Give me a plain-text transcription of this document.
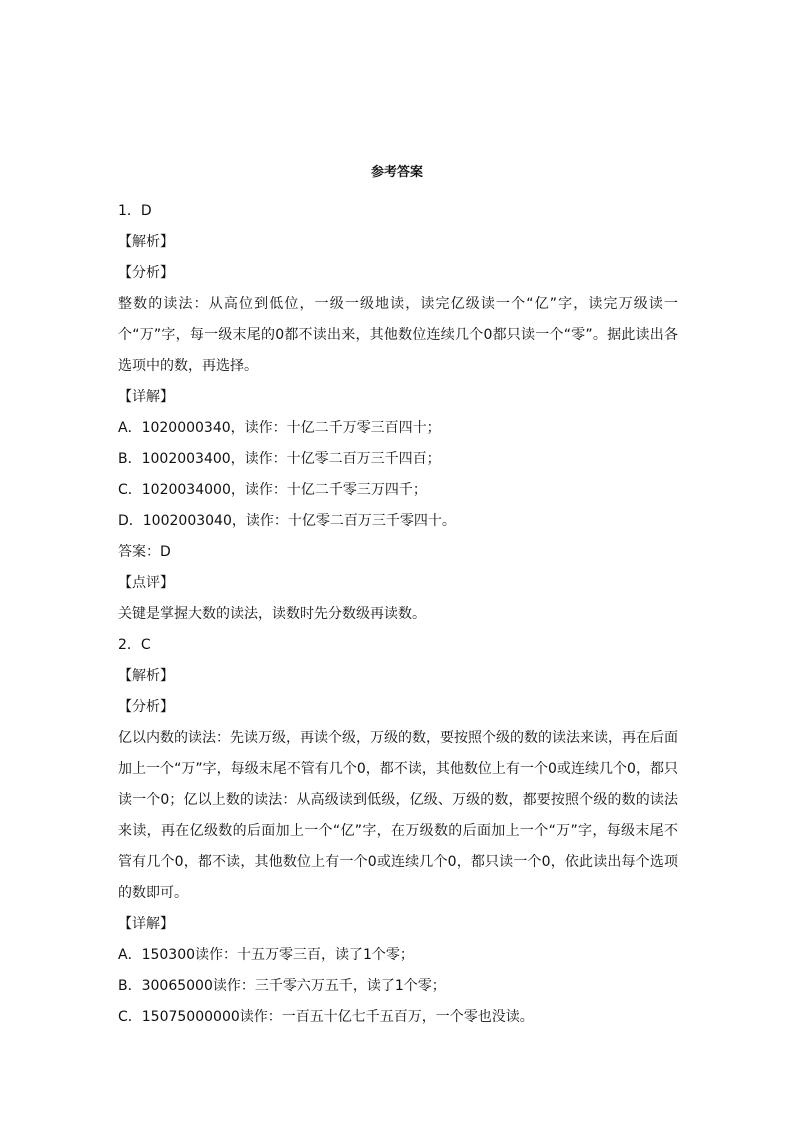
参考答案

1．D

【解析】

【分析】

整数的读法：从高位到低位，一级一级地读，读完亿级读一个“亿”字，读完万级读一个“万”字，每一级末尾的0都不读出来，其他数位连续几个0都只读一个“零”。据此读出各选项中的数，再选择。

【详解】

A．1020000340，读作：十亿二千万零三百四十；

B．1002003400，读作：十亿零二百万三千四百；

C．1020034000，读作：十亿二千零三万四千；

D．1002003040，读作：十亿零二百万三千零四十。

答案：D

【点评】

关键是掌握大数的读法，读数时先分数级再读数。

2．C

【解析】

【分析】

亿以内数的读法：先读万级，再读个级，万级的数，要按照个级的数的读法来读，再在后面加上一个“万”字，每级末尾不管有几个0，都不读，其他数位上有一个0或连续几个0，都只读一个0；亿以上数的读法：从高级读到低级，亿级、万级的数，都要按照个级的数的读法来读，再在亿级数的后面加上一个“亿”字，在万级数的后面加上一个“万”字，每级末尾不管有几个0，都不读，其他数位上有一个0或连续几个0，都只读一个0，依此读出每个选项的数即可。

【详解】

A．150300读作：十五万零三百，读了1个零；

B．30065000读作：三千零六万五千，读了1个零；

C．15075000000读作：一百五十亿七千五百万，一个零也没读。
